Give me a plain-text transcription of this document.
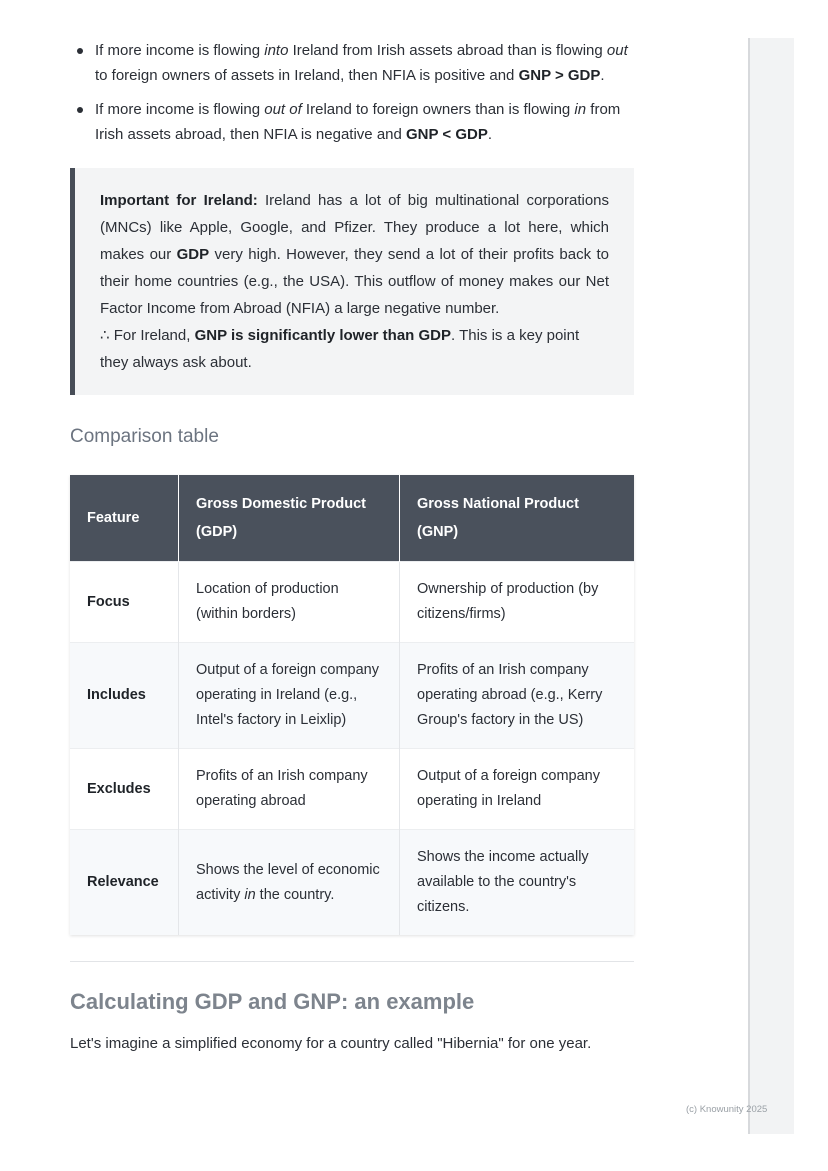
(c) Knowunity 2025
If more income is flowing into Ireland from Irish assets abroad than is flowing out to foreign owners of assets in Ireland, then NFIA is positive and GNP > GDP.
If more income is flowing out of Ireland to foreign owners than is flowing in from Irish assets abroad, then NFIA is negative and GNP < GDP.

Important for Ireland: Ireland has a lot of big multinational corporations (MNCs) like Apple, Google, and Pfizer. They produce a lot here, which makes our GDP very high. However, they send a lot of their profits back to their home countries (e.g., the USA). This outflow of money makes our Net Factor Income from Abroad (NFIA) a large negative number.

∴ For Ireland, GNP is significantly lower than GDP. This is a key point they always ask about.

Comparison table
Feature	Gross Domestic Product (GDP)	Gross National Product (GNP)
Focus	Location of production (within borders)	Ownership of production (by citizens/firms)
Includes	Output of a foreign company operating in Ireland (e.g., Intel's factory in Leixlip)	Profits of an Irish company operating abroad (e.g., Kerry Group's factory in the US)
Excludes	Profits of an Irish company operating abroad	Output of a foreign company operating in Ireland
Relevance	Shows the level of economic activity in the country.	Shows the income actually available to the country's citizens.
Calculating GDP and GNP: an example

Let's imagine a simplified economy for a country called "Hibernia" for one year.
